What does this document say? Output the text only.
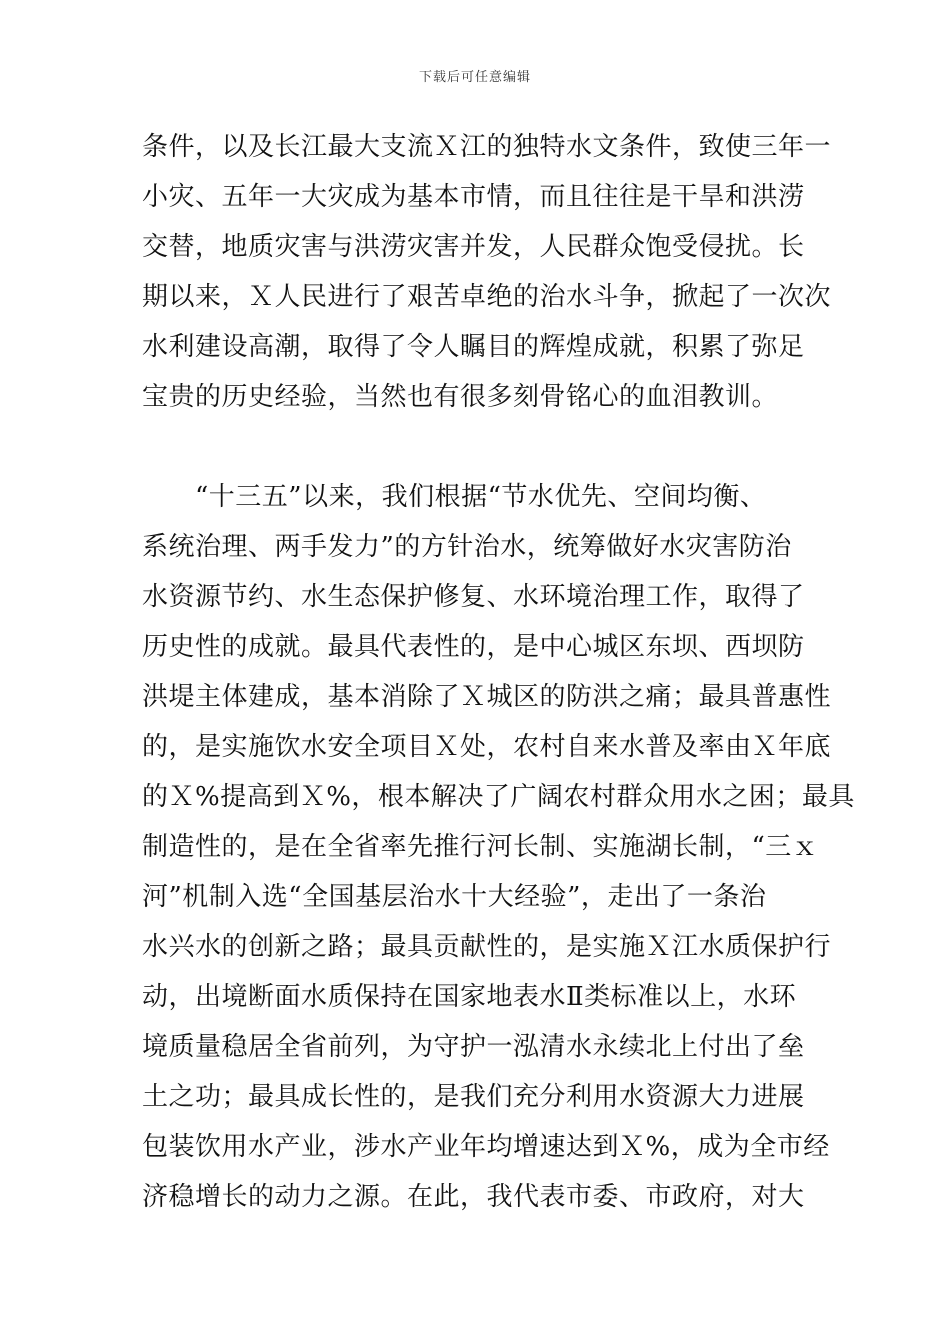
下载后可任意编辑
条件，以及长江最大支流Ｘ江的独特水文条件，致使三年一
小灾、五年一大灾成为基本市情，而且往往是干旱和洪涝
交替，地质灾害与洪涝灾害并发，人民群众饱受侵扰。长
期以来，Ｘ人民进行了艰苦卓绝的治水斗争，掀起了一次次
水利建设高潮，取得了令人瞩目的辉煌成就，积累了弥足
宝贵的历史经验，当然也有很多刻骨铭心的血泪教训。
　　“十三五”以来，我们根据“节水优先、空间均衡、
系统治理、两手发力”的方针治水，统筹做好水灾害防治
水资源节约、水生态保护修复、水环境治理工作，取得了
历史性的成就。最具代表性的，是中心城区东坝、西坝防
洪堤主体建成，基本消除了Ｘ城区的防洪之痛；最具普惠性
的，是实施饮水安全项目Ｘ处，农村自来水普及率由Ｘ年底
的Ｘ%提高到Ｘ%，根本解决了广阔农村群众用水之困；最具
制造性的，是在全省率先推行河长制、实施湖长制，“三ｘ
河”机制入选“全国基层治水十大经验”，走出了一条治
水兴水的创新之路；最具贡献性的，是实施Ｘ江水质保护行
动，出境断面水质保持在国家地表水Ⅱ类标准以上，水环
境质量稳居全省前列，为守护一泓清水永续北上付出了垒
土之功；最具成长性的，是我们充分利用水资源大力进展
包装饮用水产业，涉水产业年均增速达到Ｘ%，成为全市经
济稳增长的动力之源。在此，我代表市委、市政府，对大
